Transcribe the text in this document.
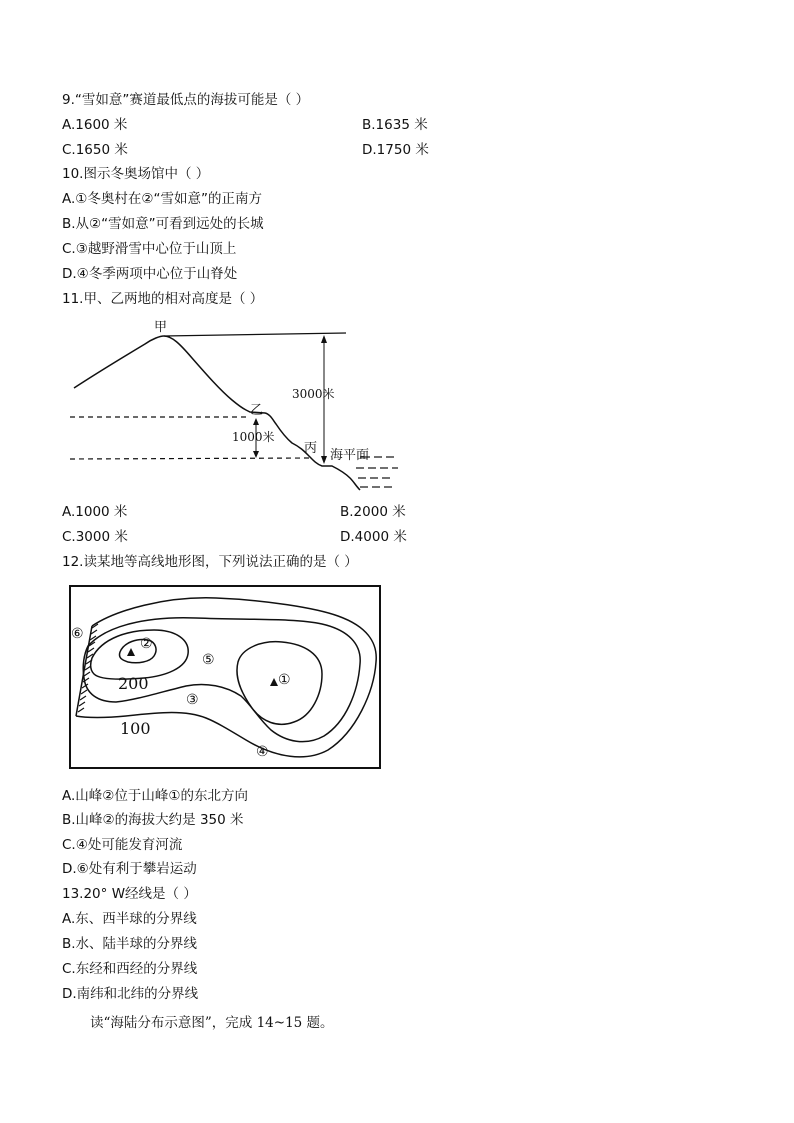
9.“雪如意”赛道最低点的海拔可能是（ ）
A.1600 米	B.1635 米
C.1650 米	D.1750 米
10.图示冬奥场馆中（ ）
A.①冬奥村在②“雪如意”的正南方
B.从②“雪如意”可看到远处的长城
C.③越野滑雪中心位于山顶上
D.④冬季两项中心位于山脊处
11.甲、乙两地的相对高度是（ ）
甲
乙
丙
3000米
1000米
海平面
A.1000 米	B.2000 米
C.3000 米	D.4000 米
12.读某地等高线地形图，下列说法正确的是（ ）
②
①
③
④
⑤
⑥
200
100
A.山峰②位于山峰①的东北方向
B.山峰②的海拔大约是 350 米
C.④处可能发育河流
D.⑥处有利于攀岩运动
13.20° W经线是（ ）
A.东、西半球的分界线
B.水、陆半球的分界线
C.东经和西经的分界线
D.南纬和北纬的分界线
读“海陆分布示意图”，完成 14~15 题。
